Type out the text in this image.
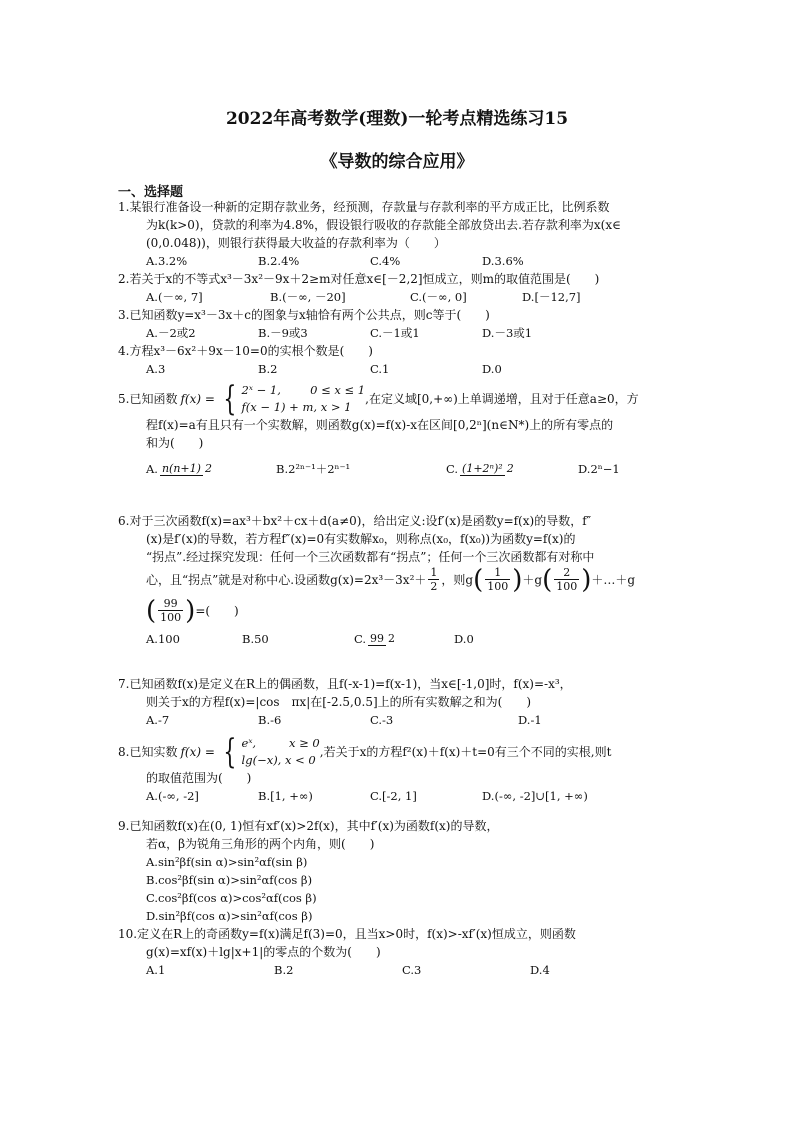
2022年高考数学(理数)一轮考点精选练习15
《导数的综合应用》
一、选择题
1.某银行准备设一种新的定期存款业务，经预测，存款量与存款利率的平方成正比，比例系数
为k(k>0)，贷款的利率为4.8%，假设银行吸收的存款能全部放贷出去.若存款利率为x(x∈
(0,0.048))，则银行获得最大收益的存款利率为（　　）
A.3.2%	B.2.4%	C.4%	D.3.6%
2.若关于x的不等式x³－3x²－9x＋2≥m对任意x∈[－2,2]恒成立，则m的取值范围是(　　)
A.(－∞, 7]	B.(－∞, －20]	C.(－∞, 0]	D.[－12,7]
3.已知函数y=x³－3x＋c的图象与x轴恰有两个公共点，则c等于(　　)
A.－2或2	B.－9或3	C.－1或1	D.－3或1
4.方程x³－6x²＋9x－10=0的实根个数是(　　)
A.3	B.2	C.1	D.0
5.已知函数 f(x) = { 2ˣ − 1,        0 ≤ x ≤ 1
f(x − 1) + m, x > 1
,在定义域[0,+∞)上单调递增，且对于任意a≥0，方
程f(x)=a有且只有一个实数解，则函数g(x)=f(x)-x在区间[0,2ⁿ](n∈N*)上的所有零点的
和为(　　)
A. n(n+1) 2	B.2²ⁿ⁻¹＋2ⁿ⁻¹	C. (1+2ⁿ)² 2	D.2ⁿ−1
6.对于三次函数f(x)=ax³＋bx²＋cx＋d(a≠0)，给出定义:设f′(x)是函数y=f(x)的导数，f″
(x)是f′(x)的导数，若方程f″(x)=0有实数解x₀，则称点(x₀，f(x₀))为函数y=f(x)的
“拐点”.经过探究发现：任何一个三次函数都有“拐点”；任何一个三次函数都有对称中
心，且“拐点”就是对称中心.设函数$g(x)=2x^3-3x^2+ \frac{1}{2}$ ，则g ( $\frac{1}{100}$ ) ＋g ( $\frac{2}{100}$ ) ＋…＋g
( $\frac{99}{100}$ ) =(　　)
A.100	B.50	C. 99 2	D.0
7.已知函数f(x)是定义在R上的偶函数，且f(-x-1)=f(x-1)，当x∈[-1,0]时，f(x)=-x³，
则关于x的方程f(x)=|cos　πx|在[-2.5,0.5]上的所有实数解之和为(　　)
A.-7	B.-6	C.-3	D.-1
8.已知实数 f(x) = { eˣ,         x ≥ 0
lg(−x), x < 0
,若关于x的方程f²(x)＋f(x)＋t=0有三个不同的实根,则t
的取值范围为(　　)
A.(-∞, -2]	B.[1, +∞)	C.[-2, 1]	D.(-∞, -2]∪[1, +∞)
9.已知函数f(x)在(0, 1)恒有xf′(x)>2f(x)，其中f′(x)为函数f(x)的导数，
若α，β为锐角三角形的两个内角，则(　　)
A.sin²βf(sin α)>sin²αf(sin β)
B.cos²βf(sin α)>sin²αf(cos β)
C.cos²βf(cos α)>cos²αf(cos β)
D.sin²βf(cos α)>sin²αf(cos β)
10.定义在R上的奇函数y=f(x)满足f(3)=0，且当x>0时，f(x)>-xf′(x)恒成立，则函数
g(x)=xf(x)＋lg|x+1|的零点的个数为(　　)
A.1	B.2	C.3	D.4
